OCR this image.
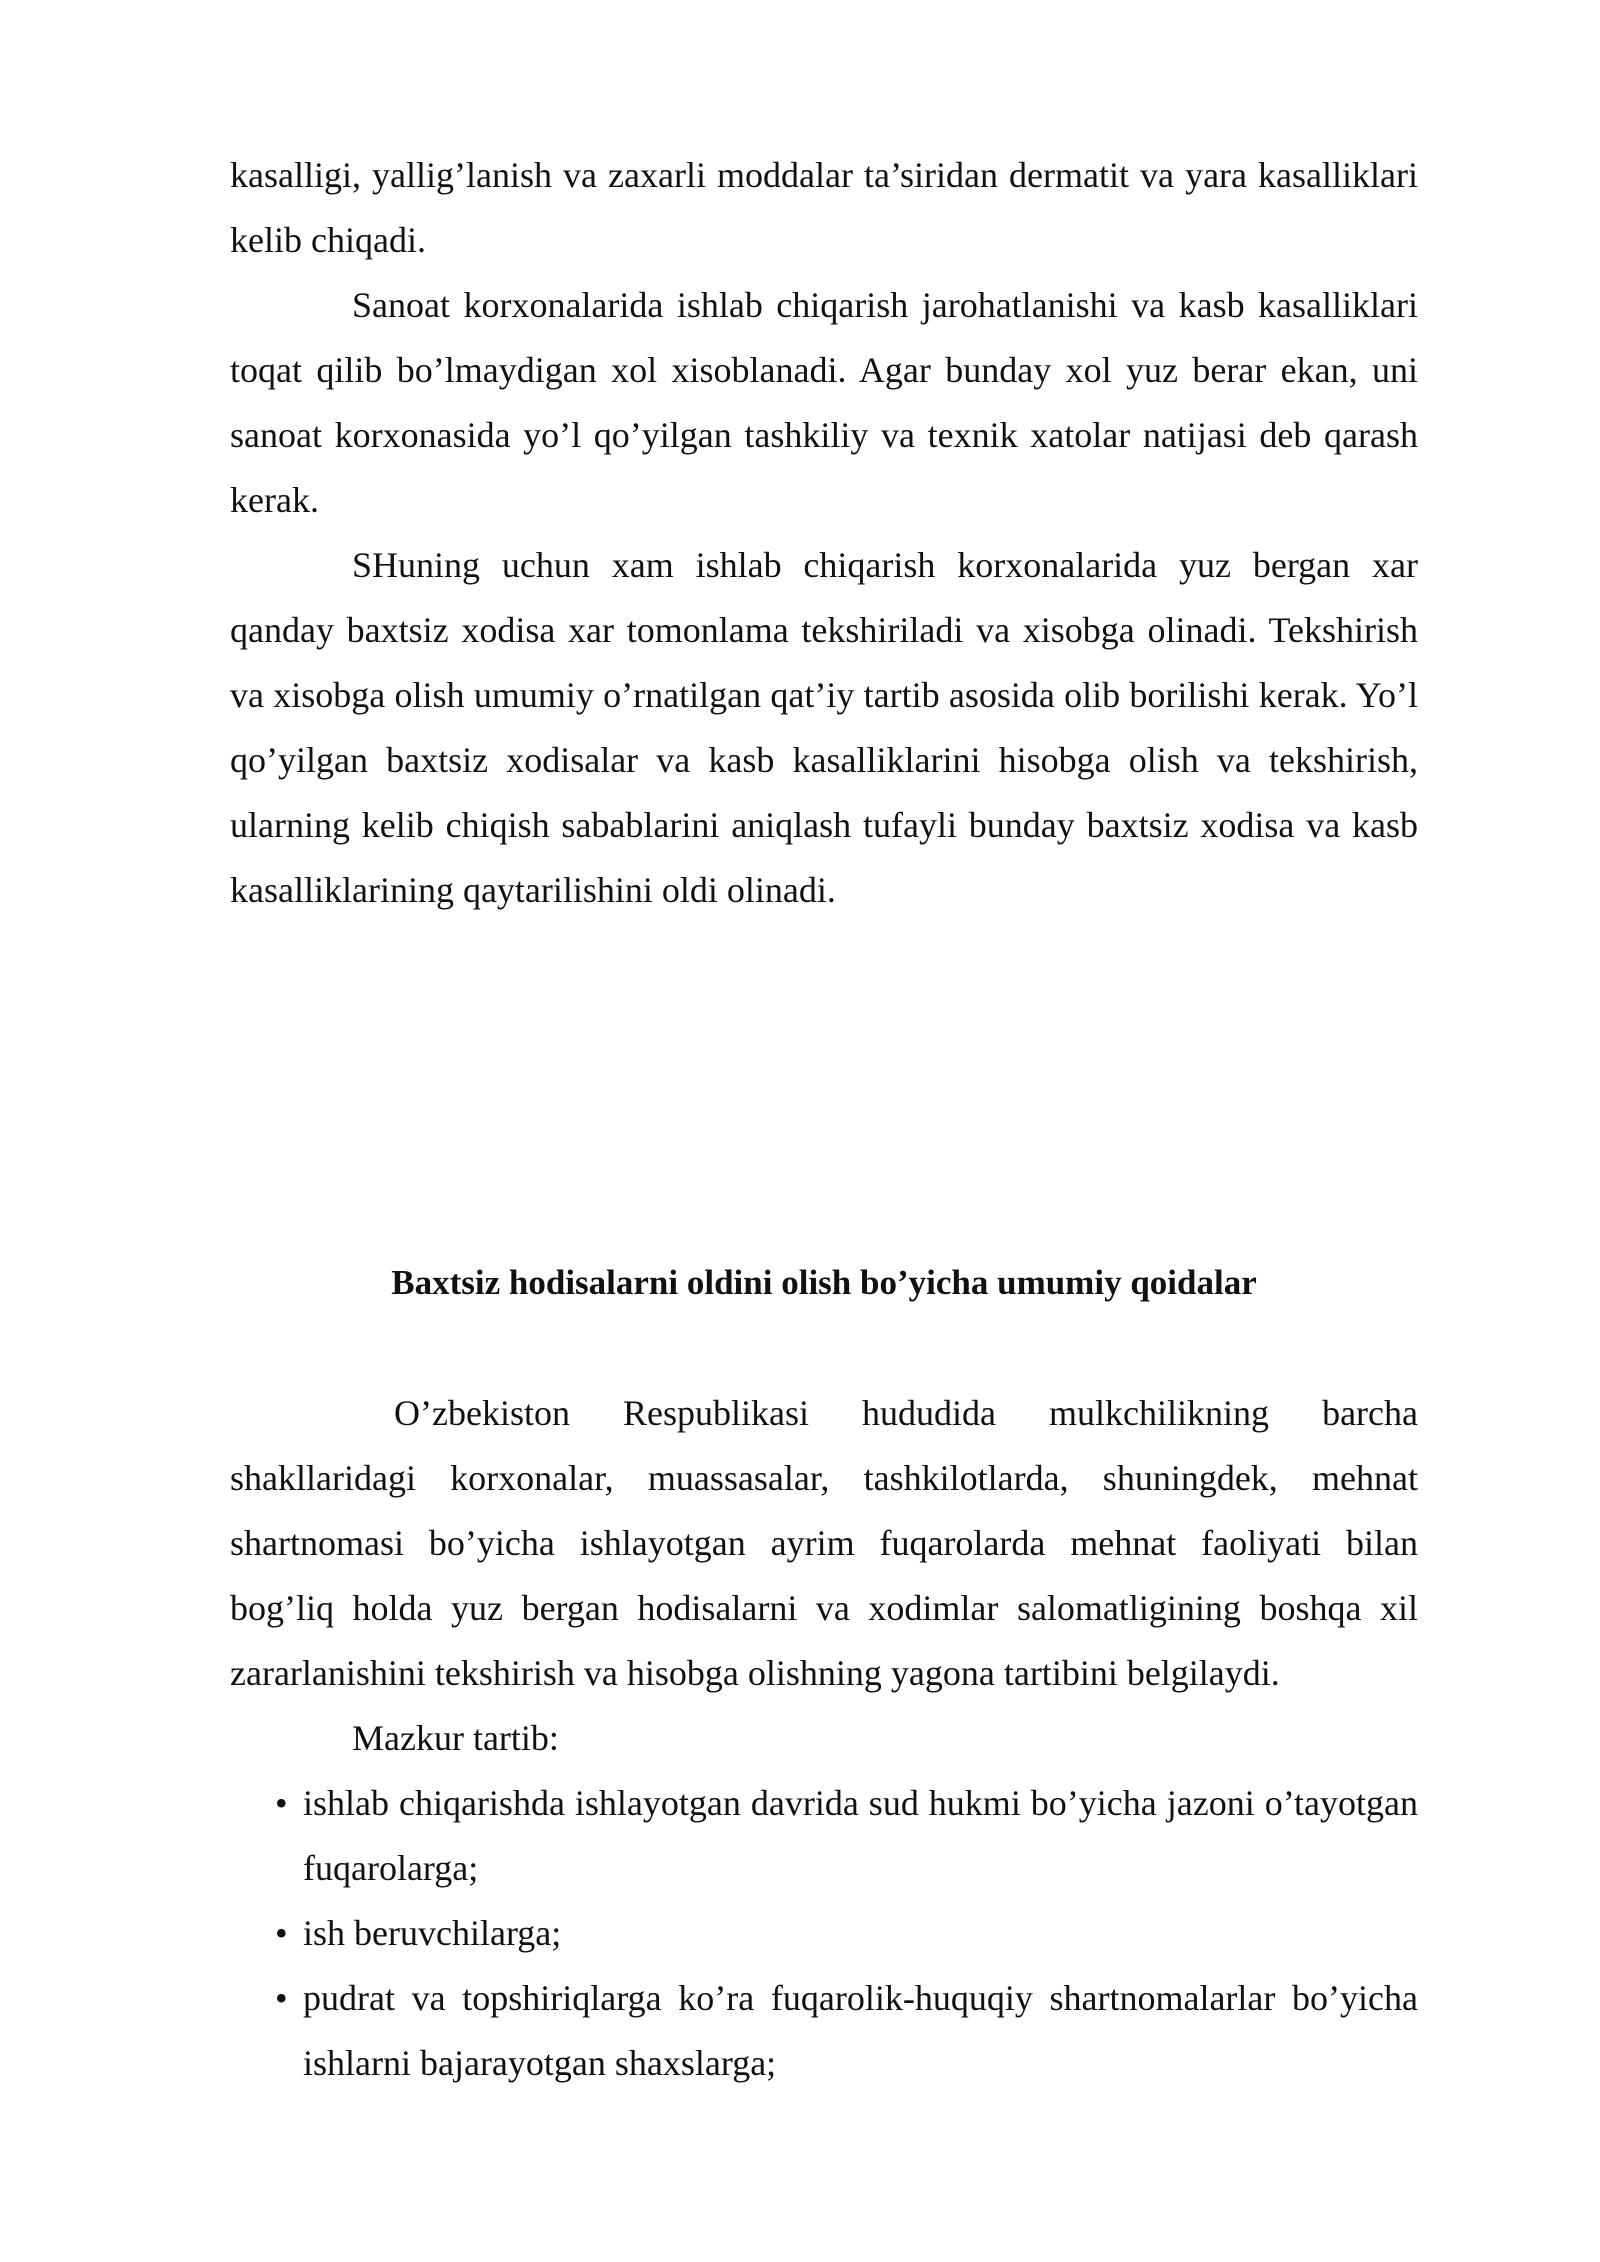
kasalligi, yallig’lanish va zaxarli moddalar ta’siridan dermatit va yara kasalliklari kelib chiqadi.

Sanoat korxonalarida ishlab chiqarish jarohatlanishi va kasb kasalliklari toqat qilib bo’lmaydigan xol xisoblanadi. Agar bunday xol yuz berar ekan, uni sanoat korxonasida yo’l qo’yilgan tashkiliy va texnik xatolar natijasi deb qarash kerak.

SHuning uchun xam ishlab chiqarish korxonalarida yuz bergan xar qanday baxtsiz xodisa xar tomonlama tekshiriladi va xisobga olinadi. Tekshirish va xisobga olish umumiy o’rnatilgan qat’iy tartib asosida olib borilishi kerak. Yo’l qo’yilgan baxtsiz xodisalar va kasb kasalliklarini hisobga olish va tekshirish, ularning kelib chiqish sabablarini aniqlash tufayli bunday baxtsiz xodisa va kasb kasalliklarining qaytarilishini oldi olinadi.

Baxtsiz hodisalarni oldini olish bo’yicha umumiy qoidalar

O’zbekiston Respublikasi hududida mulkchilikning barcha shakllaridagi korxonalar, muassasalar, tashkilotlarda, shuningdek, mehnat shartnomasi bo’yicha ishlayotgan ayrim fuqarolarda mehnat faoliyati bilan bog’liq holda yuz bergan hodisalarni va xodimlar salomatligining boshqa xil zararlanishini tekshirish va hisobga olishning yagona tartibini belgilaydi.

Mazkur tartib:

• ishlab chiqarishda ishlayotgan davrida sud hukmi bo’yicha jazoni o’tayotgan fuqarolarga;
• ish beruvchilarga;
• pudrat va topshiriqlarga ko’ra fuqarolik-huquqiy shartnomalarlar bo’yicha ishlarni bajarayotgan shaxslarga;
